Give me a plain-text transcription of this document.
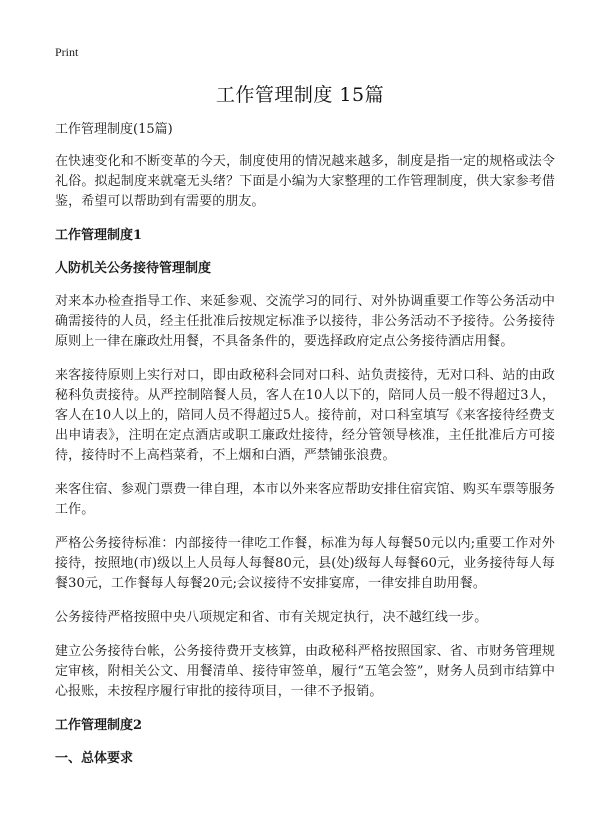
Print
工作管理制度 15篇

工作管理制度(15篇)

在快速变化和不断变革的今天，制度使用的情况越来越多，制度是指一定的规格或法令礼俗。拟起制度来就毫无头绪？下面是小编为大家整理的工作管理制度，供大家参考借鉴，希望可以帮助到有需要的朋友。

工作管理制度1

人防机关公务接待管理制度

对来本办检查指导工作、来延参观、交流学习的同行、对外协调重要工作等公务活动中确需接待的人员，经主任批准后按规定标准予以接待，非公务活动不予接待。公务接待原则上一律在廉政灶用餐，不具备条件的，要选择政府定点公务接待酒店用餐。

来客接待原则上实行对口，即由政秘科会同对口科、站负责接待，无对口科、站的由政秘科负责接待。从严控制陪餐人员，客人在10人以下的，陪同人员一般不得超过3人，客人在10人以上的，陪同人员不得超过5人。接待前，对口科室填写《来客接待经费支出申请表》，注明在定点酒店或职工廉政灶接待，经分管领导核准，主任批准后方可接待，接待时不上高档菜肴，不上烟和白酒，严禁铺张浪费。

来客住宿、参观门票费一律自理，本市以外来客应帮助安排住宿宾馆、购买车票等服务工作。

严格公务接待标准：内部接待一律吃工作餐，标准为每人每餐50元以内;重要工作对外接待，按照地(市)级以上人员每人每餐80元，县(处)级每人每餐60元，业务接待每人每餐30元，工作餐每人每餐20元;会议接待不安排宴席，一律安排自助用餐。

公务接待严格按照中央八项规定和省、市有关规定执行，决不越红线一步。

建立公务接待台帐，公务接待费开支核算，由政秘科严格按照国家、省、市财务管理规定审核，附相关公文、用餐清单、接待审签单，履行“五笔会签”，财务人员到市结算中心报账，未按程序履行审批的接待项目，一律不予报销。

工作管理制度2

一、总体要求
